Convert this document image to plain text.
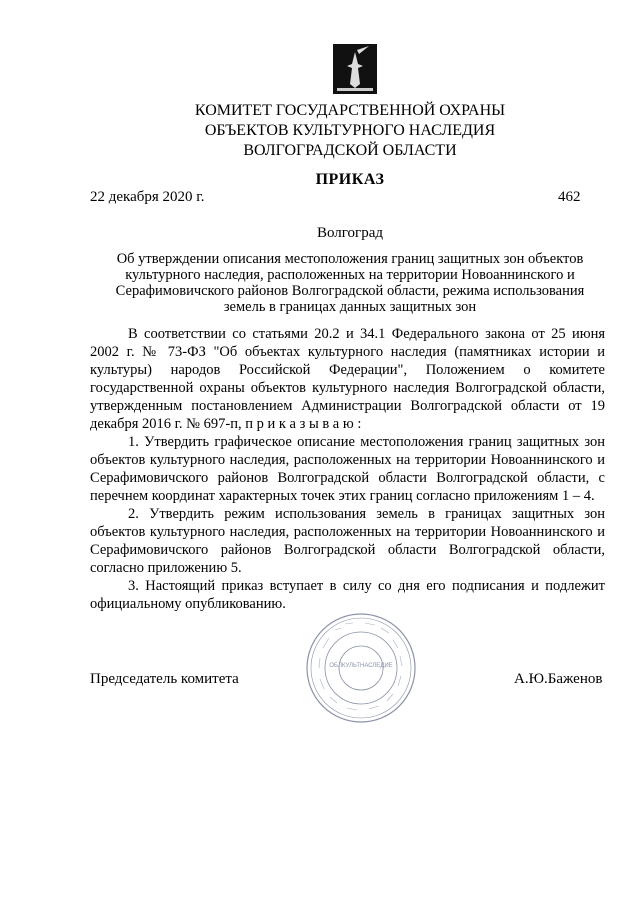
КОМИТЕТ ГОСУДАРСТВЕННОЙ ОХРАНЫ
ОБЪЕКТОВ КУЛЬТУРНОГО НАСЛЕДИЯ
ВОЛГОГРАДСКОЙ ОБЛАСТИ
ПРИКАЗ
22 декабря 2020 г.	462
Волгоград
Об утверждении описания местоположения границ защитных зон объектов культурного наследия, расположенных на территории Новоаннинского и Серафимовичского районов Волгоградской области, режима использования земель в границах данных защитных зон

В соответствии со статьями 20.2 и 34.1 Федерального закона от 25 июня 2002 г. № 73-ФЗ "Об объектах культурного наследия (памятниках истории и культуры) народов Российской Федерации", Положением о комитете государственной охраны объектов культурного наследия Волгоградской области, утвержденным постановлением Администрации Волгоградской области от 19 декабря 2016 г. № 697-п, п р и к а з ы в а ю :

1. Утвердить графическое описание местоположения границ защитных зон объектов культурного наследия, расположенных на территории Новоаннинского и Серафимовичского районов Волгоградской области Волгоградской области, с перечнем координат характерных точек этих границ согласно приложениям 1 – 4.

2. Утвердить режим использования земель в границах защитных зон объектов культурного наследия, расположенных на территории Новоаннинского и Серафимовичского районов Волгоградской области Волгоградской области, согласно приложению 5.

3. Настоящий приказ вступает в силу со дня его подписания и подлежит официальному опубликованию.

ОБЛКУЛЬТНАСЛЕДИЕ
Председатель комитета	А.Ю.Баженов
